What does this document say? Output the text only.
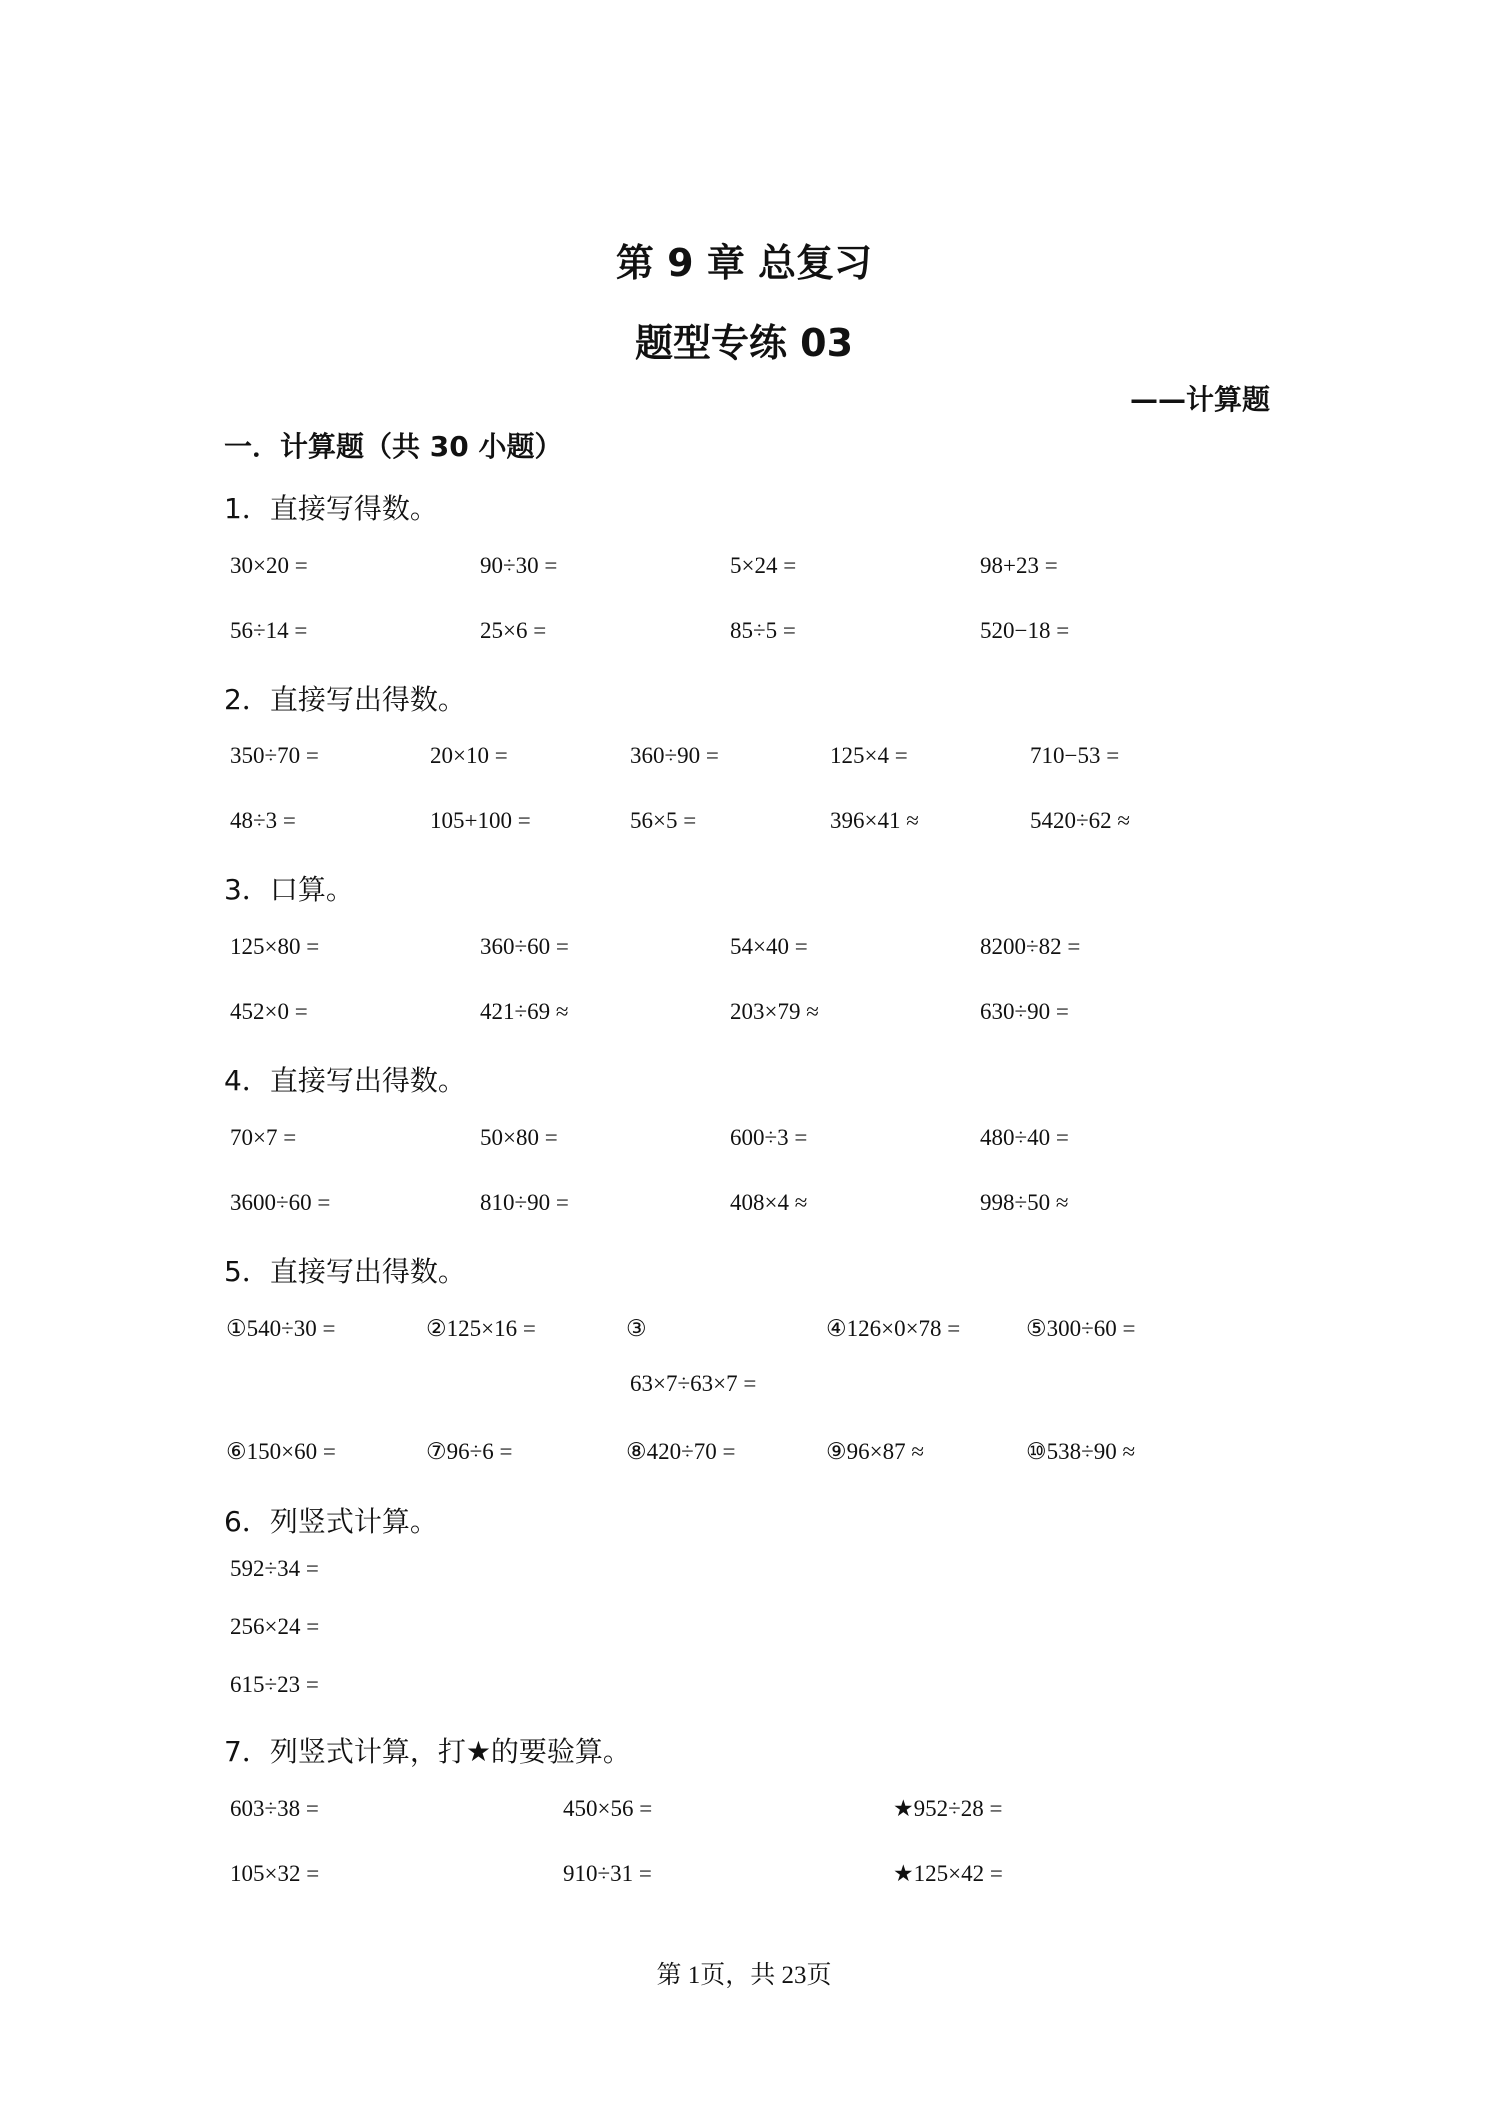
第 9 章 总复习
题型专练 03
——计算题
一．计算题（共 30 小题）
1．直接写得数。
30×20 =	90÷30 =	5×24 =	98+23 =
56÷14 =	25×6 =	85÷5 =	520−18 =
2．直接写出得数。
350÷70 =	20×10 =	360÷90 =	125×4 =	710−53 =
48÷3 =	105+100 =	56×5 =	396×41 ≈	5420÷62 ≈
3．口算。
125×80 =	360÷60 =	54×40 =	8200÷82 =
452×0 =	421÷69 ≈	203×79 ≈	630÷90 =
4．直接写出得数。
70×7 =	50×80 =	600÷3 =	480÷40 =
3600÷60 =	810÷90 =	408×4 ≈	998÷50 ≈
5．直接写出得数。
①540÷30 =	②125×16 =	③	④126×0×78 =	⑤300÷60 =
63×7÷63×7 =
⑥150×60 =	⑦96÷6 =	⑧420÷70 =	⑨96×87 ≈	⑩538÷90 ≈
6．列竖式计算。
592÷34 =
256×24 =
615÷23 =
7．列竖式计算，打★的要验算。
603÷38 =	450×56 =	★952÷28 =
105×32 =	910÷31 =	★125×42 =
第 1页，共 23页
